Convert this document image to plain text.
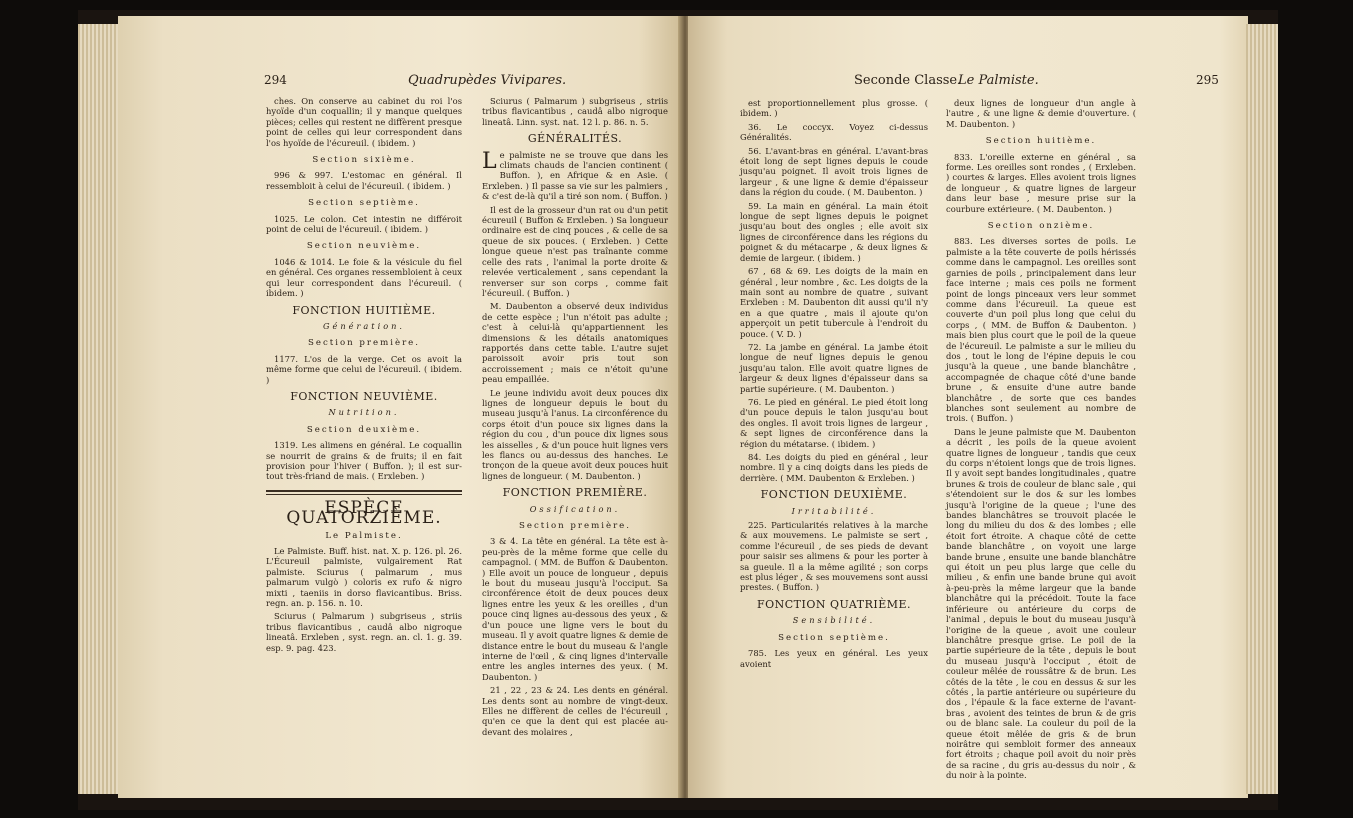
294	Quadrupèdes Vivipares.

ches. On conserve au cabinet du roi l'os hyoïde d'un coquallin; il y manque quelques pièces; celles qui restent ne diffèrent presque point de celles qui leur correspondent dans l'os hyoïde de l'écureuil. ( ibidem. )

Section sixième.

996 & 997. L'estomac en général. Il ressembloit à celui de l'écureuil. ( ibidem. )

Section septième.

1025. Le colon. Cet intestin ne différoit point de celui de l'écureuil. ( ibidem. )

Section neuvième.

1046 & 1014. Le foie & la vésicule du fiel en général. Ces organes ressembloient à ceux qui leur correspondent dans l'écureuil. ( ibidem. )

FONCTION HUITIÈME.
Génération.
Section première.

1177. L'os de la verge. Cet os avoit la même forme que celui de l'écureuil. ( ibidem. )

FONCTION NEUVIÈME.
Nutrition.
Section deuxième.

1319. Les alimens en général. Le coquallin se nourrit de grains & de fruits; il en fait provision pour l'hiver ( Buffon. ); il est sur-tout très-friand de mais. ( Erxleben. )

ESPÈCE QUATORZIÈME.
Le Palmiste.

Le Palmiste. Buff. hist. nat. X. p. 126. pl. 26. L'Écureuil palmiste, vulgairement Rat palmiste. Sciurus ( palmarum , mus palmarum vulgò ) coloris ex rufo & nigro mixti , taeniis in dorso flavicantibus. Briss. regn. an. p. 156. n. 10.

Sciurus ( Palmarum ) subgriseus , striis tribus flavicantibus , caudâ albo nigroque lineatâ. Erxleben , syst. regn. an. cl. 1. g. 39. esp. 9. pag. 423.

Sciurus ( Palmarum ) subgriseus , striis tribus flavicantibus , caudâ albo nigroque lineatâ. Linn. syst. nat. 12 l. p. 86. n. 5.

GÉNÉRALITÉS.

Le palmiste ne se trouve que dans les climats chauds de l'ancien continent ( Buffon. ), en Afrique & en Asie. ( Erxleben. ) Il passe sa vie sur les palmiers , & c'est de-là qu'il a tiré son nom. ( Buffon. )

Il est de la grosseur d'un rat ou d'un petit écureuil ( Buffon & Erxleben. ) Sa longueur ordinaire est de cinq pouces , & celle de sa queue de six pouces. ( Erxleben. ) Cette longue queue n'est pas traînante comme celle des rats , l'animal la porte droite & relevée verticalement , sans cependant la renverser sur son corps , comme fait l'écureuil. ( Buffon. )

M. Daubenton a observé deux individus de cette espèce ; l'un n'étoit pas adulte ; c'est à celui-là qu'appartiennent les dimensions & les détails anatomiques rapportés dans cette table. L'autre sujet paroissoit avoir pris tout son accroissement ; mais ce n'étoit qu'une peau empaillée.

Le jeune individu avoit deux pouces dix lignes de longueur depuis le bout du museau jusqu'à l'anus. La circonférence du corps étoit d'un pouce six lignes dans la région du cou , d'un pouce dix lignes sous les aisselles , & d'un pouce huit lignes vers les flancs ou au-dessus des hanches. Le tronçon de la queue avoit deux pouces huit lignes de longueur. ( M. Daubenton. )

FONCTION PREMIÈRE.
Ossification.
Section première.

3 & 4. La tête en général. La tête est à-peu-près de la même forme que celle du campagnol. ( MM. de Buffon & Daubenton. ) Elle avoit un pouce de longueur , depuis le bout du museau jusqu'à l'occiput. Sa circonférence étoit de deux pouces deux lignes entre les yeux & les oreilles , d'un pouce cinq lignes au-dessous des yeux , & d'un pouce une ligne vers le bout du museau. Il y avoit quatre lignes & demie de distance entre le bout du museau & l'angle interne de l'œil , & cinq lignes d'intervalle entre les angles internes des yeux. ( M. Daubenton. )

21 , 22 , 23 & 24. Les dents en général. Les dents sont au nombre de vingt-deux. Elles ne diffèrent de celles de l'écureuil , qu'en ce que la dent qui est placée au-devant des molaires ,

Seconde Classe.
Le Palmiste.	295

est proportionnellement plus grosse. ( ibidem. )

36. Le coccyx. Voyez ci-dessus Généralités.

56. L'avant-bras en général. L'avant-bras étoit long de sept lignes depuis le coude jusqu'au poignet. Il avoit trois lignes de largeur , & une ligne & demie d'épaisseur dans la région du coude. ( M. Daubenton. )

59. La main en général. La main étoit longue de sept lignes depuis le poignet jusqu'au bout des ongles ; elle avoit six lignes de circonférence dans les régions du poignet & du métacarpe , & deux lignes & demie de largeur. ( ibidem. )

67 , 68 & 69. Les doigts de la main en général , leur nombre , &c. Les doigts de la main sont au nombre de quatre , suivant Erxleben : M. Daubenton dit aussi qu'il n'y en a que quatre , mais il ajoute qu'on apperçoit un petit tubercule à l'endroit du pouce. ( V. D. )

72. La jambe en général. La jambe étoit longue de neuf lignes depuis le genou jusqu'au talon. Elle avoit quatre lignes de largeur & deux lignes d'épaisseur dans sa partie supérieure. ( M. Daubenton. )

76. Le pied en général. Le pied étoit long d'un pouce depuis le talon jusqu'au bout des ongles. Il avoit trois lignes de largeur , & sept lignes de circonférence dans la région du métatarse. ( ibidem. )

84. Les doigts du pied en général , leur nombre. Il y a cinq doigts dans les pieds de derrière. ( MM. Daubenton & Erxleben. )

FONCTION DEUXIÈME.
Irritabilité.

225. Particularités relatives à la marche & aux mouvemens. Le palmiste se sert , comme l'écureuil , de ses pieds de devant pour saisir ses alimens & pour les porter à sa gueule. Il a la même agilité ; son corps est plus léger , & ses mouvemens sont aussi prestes. ( Buffon. )

FONCTION QUATRIÈME.
Sensibilité.
Section septième.

785. Les yeux en général. Les yeux avoient

deux lignes de longueur d'un angle à l'autre , & une ligne & demie d'ouverture. ( M. Daubenton. )

Section huitième.

833. L'oreille externe en général , sa forme. Les oreilles sont rondes , ( Erxleben. ) courtes & larges. Elles avoient trois lignes de longueur , & quatre lignes de largeur dans leur base , mesure prise sur la courbure extérieure. ( M. Daubenton. )

Section onzième.

883. Les diverses sortes de poils. Le palmiste a la tête couverte de poils hérissés comme dans le campagnol. Les oreilles sont garnies de poils , principalement dans leur face interne ; mais ces poils ne forment point de longs pinceaux vers leur sommet comme dans l'écureuil. La queue est couverte d'un poil plus long que celui du corps , ( MM. de Buffon & Daubenton. ) mais bien plus court que le poil de la queue de l'écureuil. Le palmiste a sur le milieu du dos , tout le long de l'épine depuis le cou jusqu'à la queue , une bande blanchâtre , accompagnée de chaque côté d'une bande brune , & ensuite d'une autre bande blanchâtre , de sorte que ces bandes blanches sont seulement au nombre de trois. ( Buffon. )

Dans le jeune palmiste que M. Daubenton a décrit , les poils de la queue avoient quatre lignes de longueur , tandis que ceux du corps n'étoient longs que de trois lignes. Il y avoit sept bandes longitudinales , quatre brunes & trois de couleur de blanc sale , qui s'étendoient sur le dos & sur les lombes jusqu'à l'origine de la queue ; l'une des bandes blanchâtres se trouvoit placée le long du milieu du dos & des lombes ; elle étoit fort étroite. A chaque côté de cette bande blanchâtre , on voyoit une large bande brune , ensuite une bande blanchâtre qui étoit un peu plus large que celle du milieu , & enfin une bande brune qui avoit à-peu-près la même largeur que la bande blanchâtre qui la précédoit. Toute la face inférieure ou antérieure du corps de l'animal , depuis le bout du museau jusqu'à l'origine de la queue , avoit une couleur blanchâtre presque grise. Le poil de la partie supérieure de la tête , depuis le bout du museau jusqu'à l'occiput , étoit de couleur mêlée de roussâtre & de brun. Les côtés de la tête , le cou en dessus & sur les côtés , la partie antérieure ou supérieure du dos , l'épaule & la face externe de l'avant-bras , avoient des teintes de brun & de gris ou de blanc sale. La couleur du poil de la queue étoit mêlée de gris & de brun noirâtre qui sembloit former des anneaux fort étroits ; chaque poil avoit du noir près de sa racine , du gris au-dessus du noir , & du noir à la pointe.
